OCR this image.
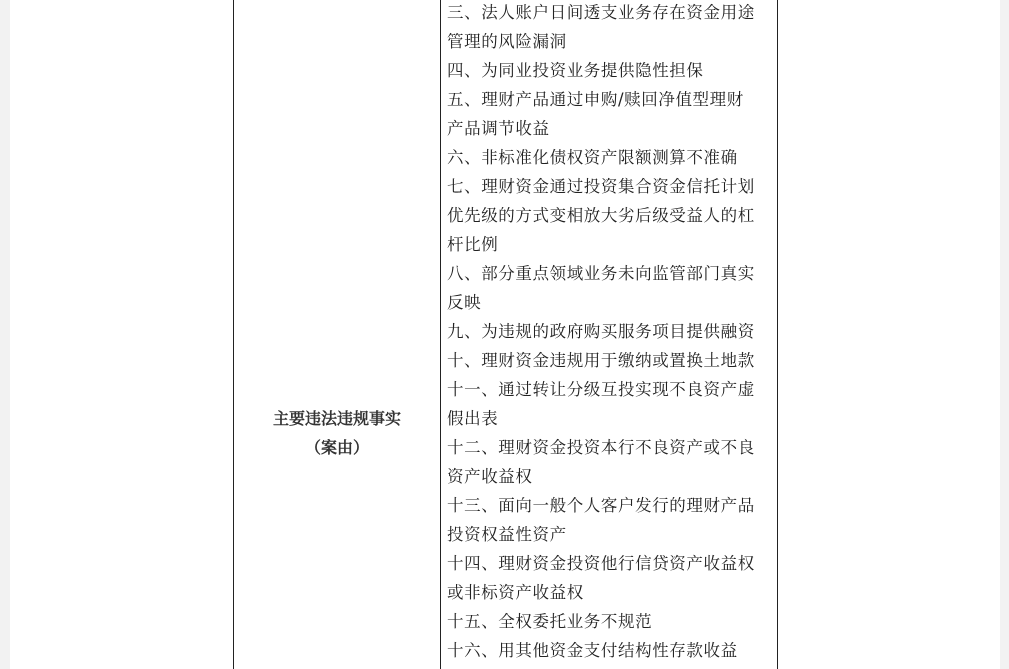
主要违法违规事实
（案由）
三、法人账户日间透支业务存在资金用途
管理的风险漏洞
四、为同业投资业务提供隐性担保
五、理财产品通过申购/赎回净值型理财
产品调节收益
六、非标准化债权资产限额测算不准确
七、理财资金通过投资集合资金信托计划
优先级的方式变相放大劣后级受益人的杠
杆比例
八、部分重点领域业务未向监管部门真实
反映
九、为违规的政府购买服务项目提供融资
十、理财资金违规用于缴纳或置换土地款
十一、通过转让分级互投实现不良资产虚
假出表
十二、理财资金投资本行不良资产或不良
资产收益权
十三、面向一般个人客户发行的理财产品
投资权益性资产
十四、理财资金投资他行信贷资产收益权
或非标资产收益权
十五、全权委托业务不规范
十六、用其他资金支付结构性存款收益
